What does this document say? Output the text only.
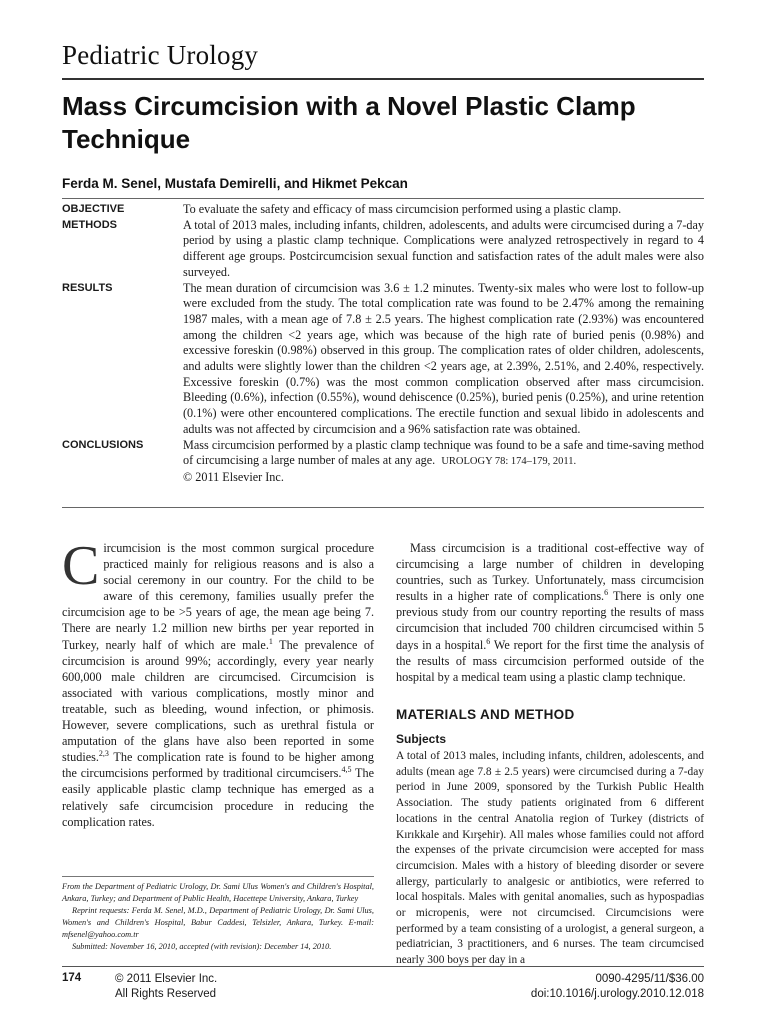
Pediatric Urology
Mass Circumcision with a Novel Plastic Clamp Technique
Ferda M. Senel, Mustafa Demirelli, and Hikmet Pekcan
OBJECTIVE	To evaluate the safety and efficacy of mass circumcision performed using a plastic clamp.
METHODS	A total of 2013 males, including infants, children, adolescents, and adults were circumcised during a 7-day period by using a plastic clamp technique. Complications were analyzed retrospectively in regard to 4 different age groups. Postcircumcision sexual function and satisfaction rates of the adult males were also surveyed.
RESULTS	The mean duration of circumcision was 3.6 ± 1.2 minutes. Twenty-six males who were lost to follow-up were excluded from the study. The total complication rate was found to be 2.47% among the remaining 1987 males, with a mean age of 7.8 ± 2.5 years. The highest complication rate (2.93%) was encountered among the children <2 years age, which was because of the high rate of buried penis (0.98%) and excessive foreskin (0.98%) observed in this group. The complication rates of older children, adolescents, and adults were slightly lower than the children <2 years age, at 2.39%, 2.51%, and 2.40%, respectively. Excessive foreskin (0.7%) was the most common complication observed after mass circumcision. Bleeding (0.6%), infection (0.55%), wound dehiscence (0.25%), buried penis (0.25%), and urine retention (0.1%) were other encountered complications. The erectile function and sexual libido in adolescents and adults was not affected by circumcision and a 96% satisfaction rate was obtained.
CONCLUSIONS	Mass circumcision performed by a plastic clamp technique was found to be a safe and time-saving method of circumcising a large number of males at any age. UROLOGY 78: 174–179, 2011.
© 2011 Elsevier Inc.

Circumcision is the most common surgical procedure practiced mainly for religious reasons and is also a social ceremony in our country. For the child to be aware of this ceremony, families usually prefer the circumcision age to be >5 years of age, the mean age being 7. There are nearly 1.2 million new births per year reported in Turkey, nearly half of which are male.$^1$ The prevalence of circumcision is around 99%; accordingly, every year nearly 600,000 male children are circumcised. Circumcision is associated with various complications, mostly minor and treatable, such as bleeding, wound infection, or phimosis. However, severe complications, such as urethral fistula or amputation of the glans have also been reported in some studies.$^{2,3}$ The complication rate is found to be higher among the circumcisions performed by traditional circumcisers.$^{4,5}$ The easily applicable plastic clamp technique has emerged as a relatively safe circumcision procedure in reducing the complication rates.

Mass circumcision is a traditional cost-effective way of circumcising a large number of children in developing countries, such as Turkey. Unfortunately, mass circumcision results in a higher rate of complications.$^6$ There is only one previous study from our country reporting the results of mass circumcision that included 700 children circumcised within 5 days in a hospital.$^6$ We report for the first time the analysis of the results of mass circumcision performed outside of the hospital by a medical team using a plastic clamp technique.

MATERIALS AND METHOD
Subjects

A total of 2013 males, including infants, children, adolescents, and adults (mean age 7.8 ± 2.5 years) were circumcised during a 7-day period in June 2009, sponsored by the Turkish Public Health Association. The study patients originated from 6 different locations in the central Anatolia region of Turkey (districts of Kırıkkale and Kırşehir). All males whose families could not afford the expenses of the private circumcision were accepted for mass circumcision. Males with a history of bleeding disorder or severe allergy, particularly to analgesic or antibiotics, were referred to local hospitals. Males with genital anomalies, such as hypospadias or micropenis, were not circumcised. Circumcisions were performed by a team consisting of a urologist, a general surgeon, a pediatrician, 3 practitioners, and 6 nurses. The team circumcised nearly 300 boys per day in a

From the Department of Pediatric Urology, Dr. Sami Ulus Women's and Children's Hospital, Ankara, Turkey; and Department of Public Health, Hacettepe University, Ankara, Turkey

Reprint requests: Ferda M. Senel, M.D., Department of Pediatric Urology, Dr. Sami Ulus, Women's and Children's Hospital, Babur Caddesi, Telsizler, Ankara, Turkey. E-mail: mfsenel@yahoo.com.tr

Submitted: November 16, 2010, accepted (with revision): December 14, 2010.

174	© 2011 Elsevier Inc.
All Rights Reserved
0090-4295/11/$36.00
doi:10.1016/j.urology.2010.12.018
